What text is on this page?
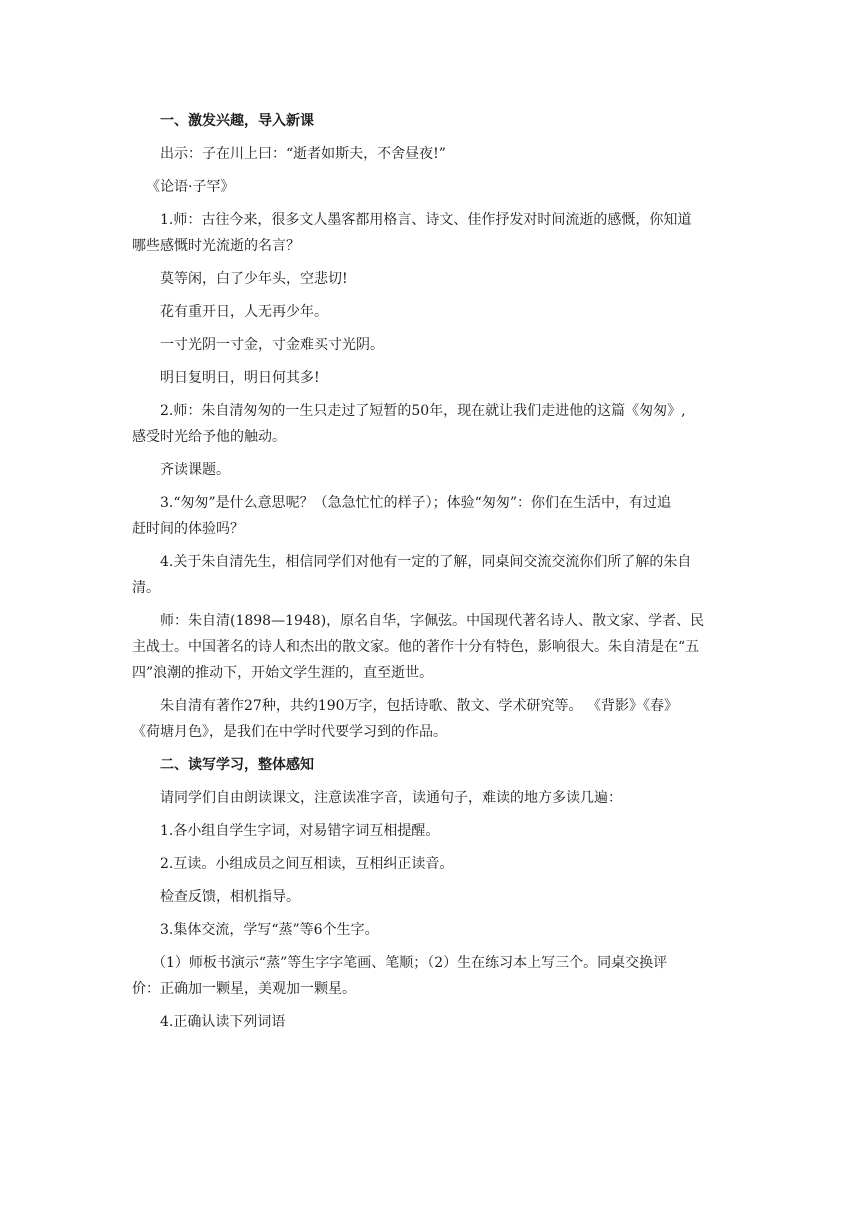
一、激发兴趣，导入新课

出示：子在川上曰：“逝者如斯夫，不舍昼夜!”

《论语·子罕》

1.师：古往今来，很多文人墨客都用格言、诗文、佳作抒发对时间流逝的感慨，你知道
哪些感慨时光流逝的名言？

莫等闲，白了少年头，空悲切!

花有重开日，人无再少年。

一寸光阴一寸金，寸金难买寸光阴。

明日复明日，明日何其多!

2.师：朱自清匆匆的一生只走过了短暂的50年，现在就让我们走进他的这篇《匆匆》,
感受时光给予他的触动。

齐读课题。

3.“匆匆”是什么意思呢？（急急忙忙的样子）；体验“匆匆”：你们在生活中，有过追
赶时间的体验吗？

4.关于朱自清先生，相信同学们对他有一定的了解，同桌间交流交流你们所了解的朱自
清。

师：朱自清(1898—1948)，原名自华，字佩弦。中国现代著名诗人、散文家、学者、民
主战士。中国著名的诗人和杰出的散文家。他的著作十分有特色，影响很大。朱自清是在“五
四”浪潮的推动下，开始文学生涯的，直至逝世。

朱自清有著作27种，共约190万字，包括诗歌、散文、学术研究等。 《背影》《春》
《荷塘月色》，是我们在中学时代要学习到的作品。

二、读写学习，整体感知

请同学们自由朗读课文，注意读准字音，读通句子，难读的地方多读几遍：

1.各小组自学生字词，对易错字词互相提醒。

2.互读。小组成员之间互相读，互相纠正读音。

检查反馈，相机指导。

3.集体交流，学写“蒸”等6个生字。

（1）师板书演示“蒸”等生字字笔画、笔顺；（2）生在练习本上写三个。同桌交换评
价：正确加一颗星，美观加一颗星。

4.正确认读下列词语
